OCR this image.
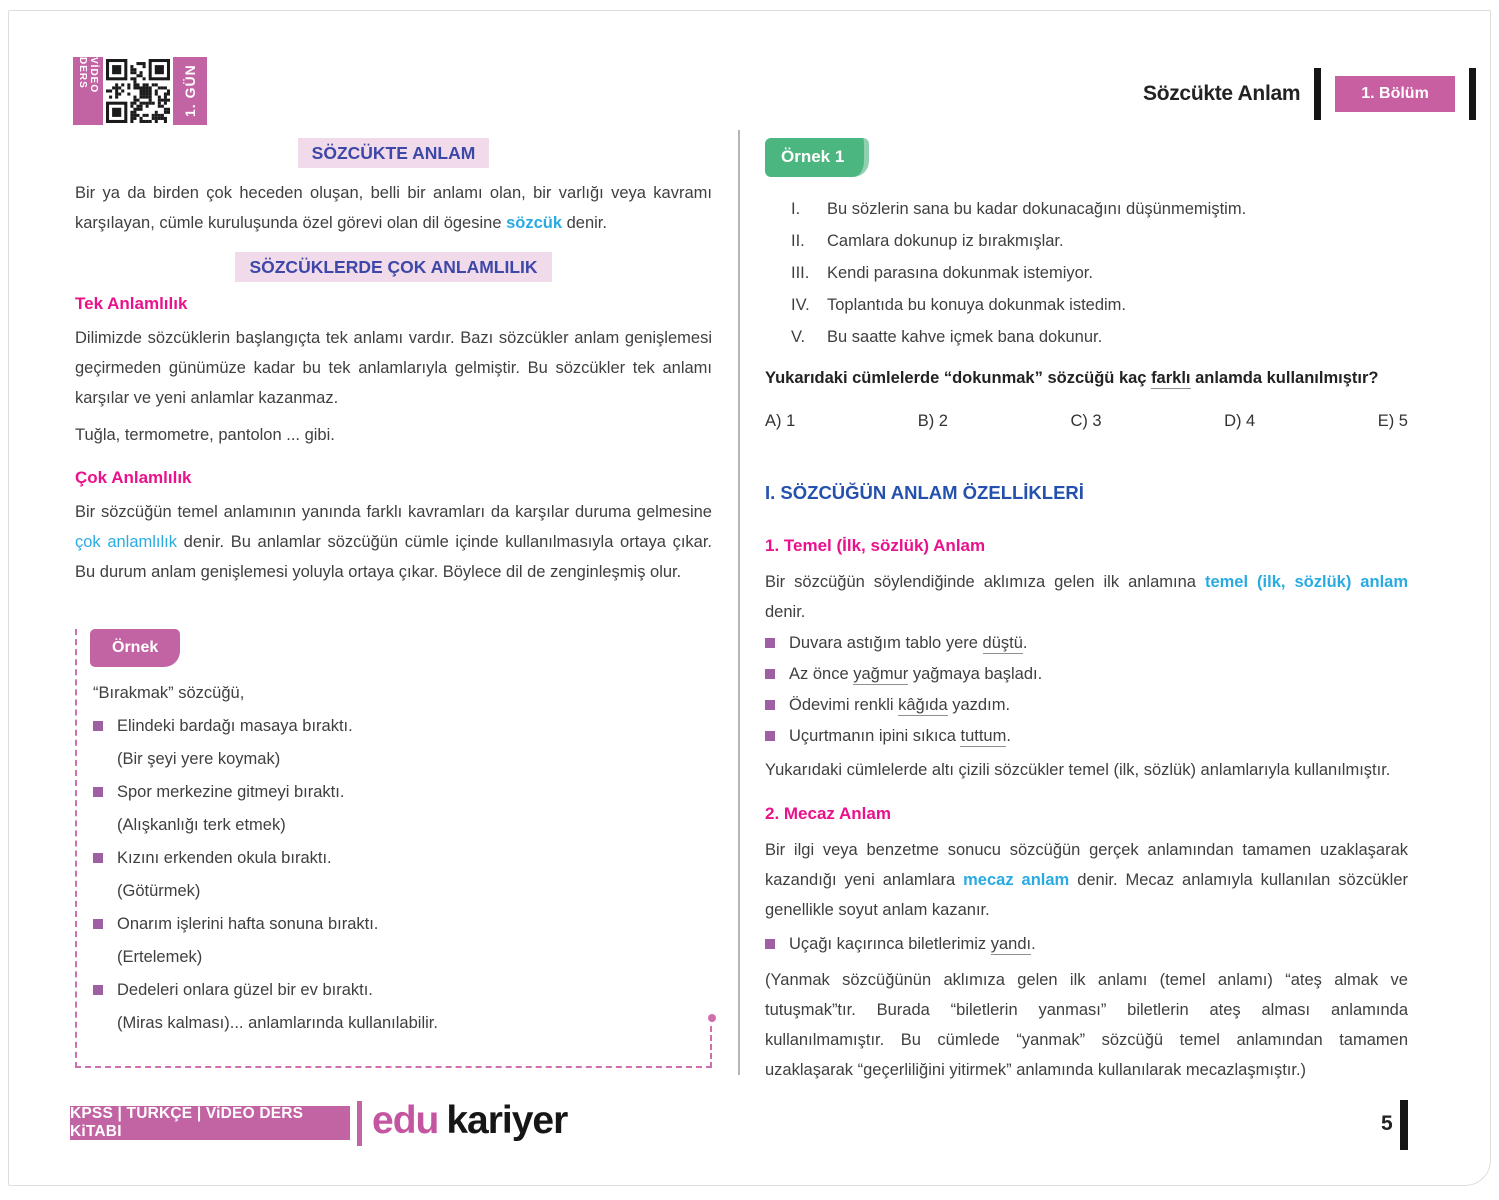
VİDEO DERS	1. GÜN	Sözcükte Anlam	1. Bölüm
SÖZCÜKTE ANLAM

Bir ya da birden çok heceden oluşan, belli bir anlamı olan, bir varlığı veya kavramı karşılayan, cümle kuruluşunda özel görevi olan dil ögesine sözcük denir.

SÖZCÜKLERDE ÇOK ANLAMLILIK

Tek Anlamlılık

Dilimizde sözcüklerin başlangıçta tek anlamı vardır. Bazı sözcükler anlam genişlemesi geçirmeden günümüze kadar bu tek anlamlarıyla gelmiştir. Bu sözcükler tek anlamı karşılar ve yeni anlamlar kazanmaz.

Tuğla, termometre, pantolon ... gibi.

Çok Anlamlılık

Bir sözcüğün temel anlamının yanında farklı kavramları da karşılar duruma gelmesine çok anlamlılık denir. Bu anlamlar sözcüğün cümle içinde kullanılmasıyla ortaya çıkar. Bu durum anlam genişlemesi yoluyla ortaya çıkar. Böylece dil de zenginleşmiş olur.

Örnek

“Bırakmak” sözcüğü,

Elindeki bardağı masaya bıraktı.

(Bir şeyi yere koymak)

Spor merkezine gitmeyi bıraktı.

(Alışkanlığı terk etmek)

Kızını erkenden okula bıraktı.

(Götürmek)

Onarım işlerini hafta sonuna bıraktı.

(Ertelemek)

Dedeleri onlara güzel bir ev bıraktı.

(Miras kalması)... anlamlarında kullanılabilir.

Örnek 1
I.	Bu sözlerin sana bu kadar dokunacağını düşünmemiştim.
II.	Camlara dokunup iz bırakmışlar.
III.	Kendi parasına dokunmak istemiyor.
IV.	Toplantıda bu konuya dokunmak istedim.
V.	Bu saatte kahve içmek bana dokunur.

Yukarıdaki cümlelerde “dokunmak” sözcüğü kaç farklı anlamda kullanılmıştır?

A) 1	B) 2	C) 3	D) 4	E) 5

I. SÖZCÜĞÜN ANLAM ÖZELLİKLERİ

1. Temel (İlk, sözlük) Anlam

Bir sözcüğün söylendiğinde aklımıza gelen ilk anlamına temel (ilk, sözlük) anlam denir.

Duvara astığım tablo yere düştü.
Az önce yağmur yağmaya başladı.
Ödevimi renkli kâğıda yazdım.
Uçurtmanın ipini sıkıca tuttum.

Yukarıdaki cümlelerde altı çizili sözcükler temel (ilk, sözlük) anlamlarıyla kullanılmıştır.

2. Mecaz Anlam

Bir ilgi veya benzetme sonucu sözcüğün gerçek anlamından tamamen uzaklaşarak kazandığı yeni anlamlara mecaz anlam denir. Mecaz anlamıyla kullanılan sözcükler genellikle soyut anlam kazanır.

Uçağı kaçırınca biletlerimiz yandı.

(Yanmak sözcüğünün aklımıza gelen ilk anlamı (temel anlamı) “ateş almak ve tutuşmak”tır. Burada “biletlerin yanması” biletlerin ateş alması anlamında kullanılmamıştır. Bu cümlede “yanmak” sözcüğü temel anlamından tamamen uzaklaşarak “geçerliliğini yitirmek” anlamında kullanılarak mecazlaşmıştır.)

KPSS | TÜRKÇE | ViDEO DERS KiTABI	edu kariyer	5
